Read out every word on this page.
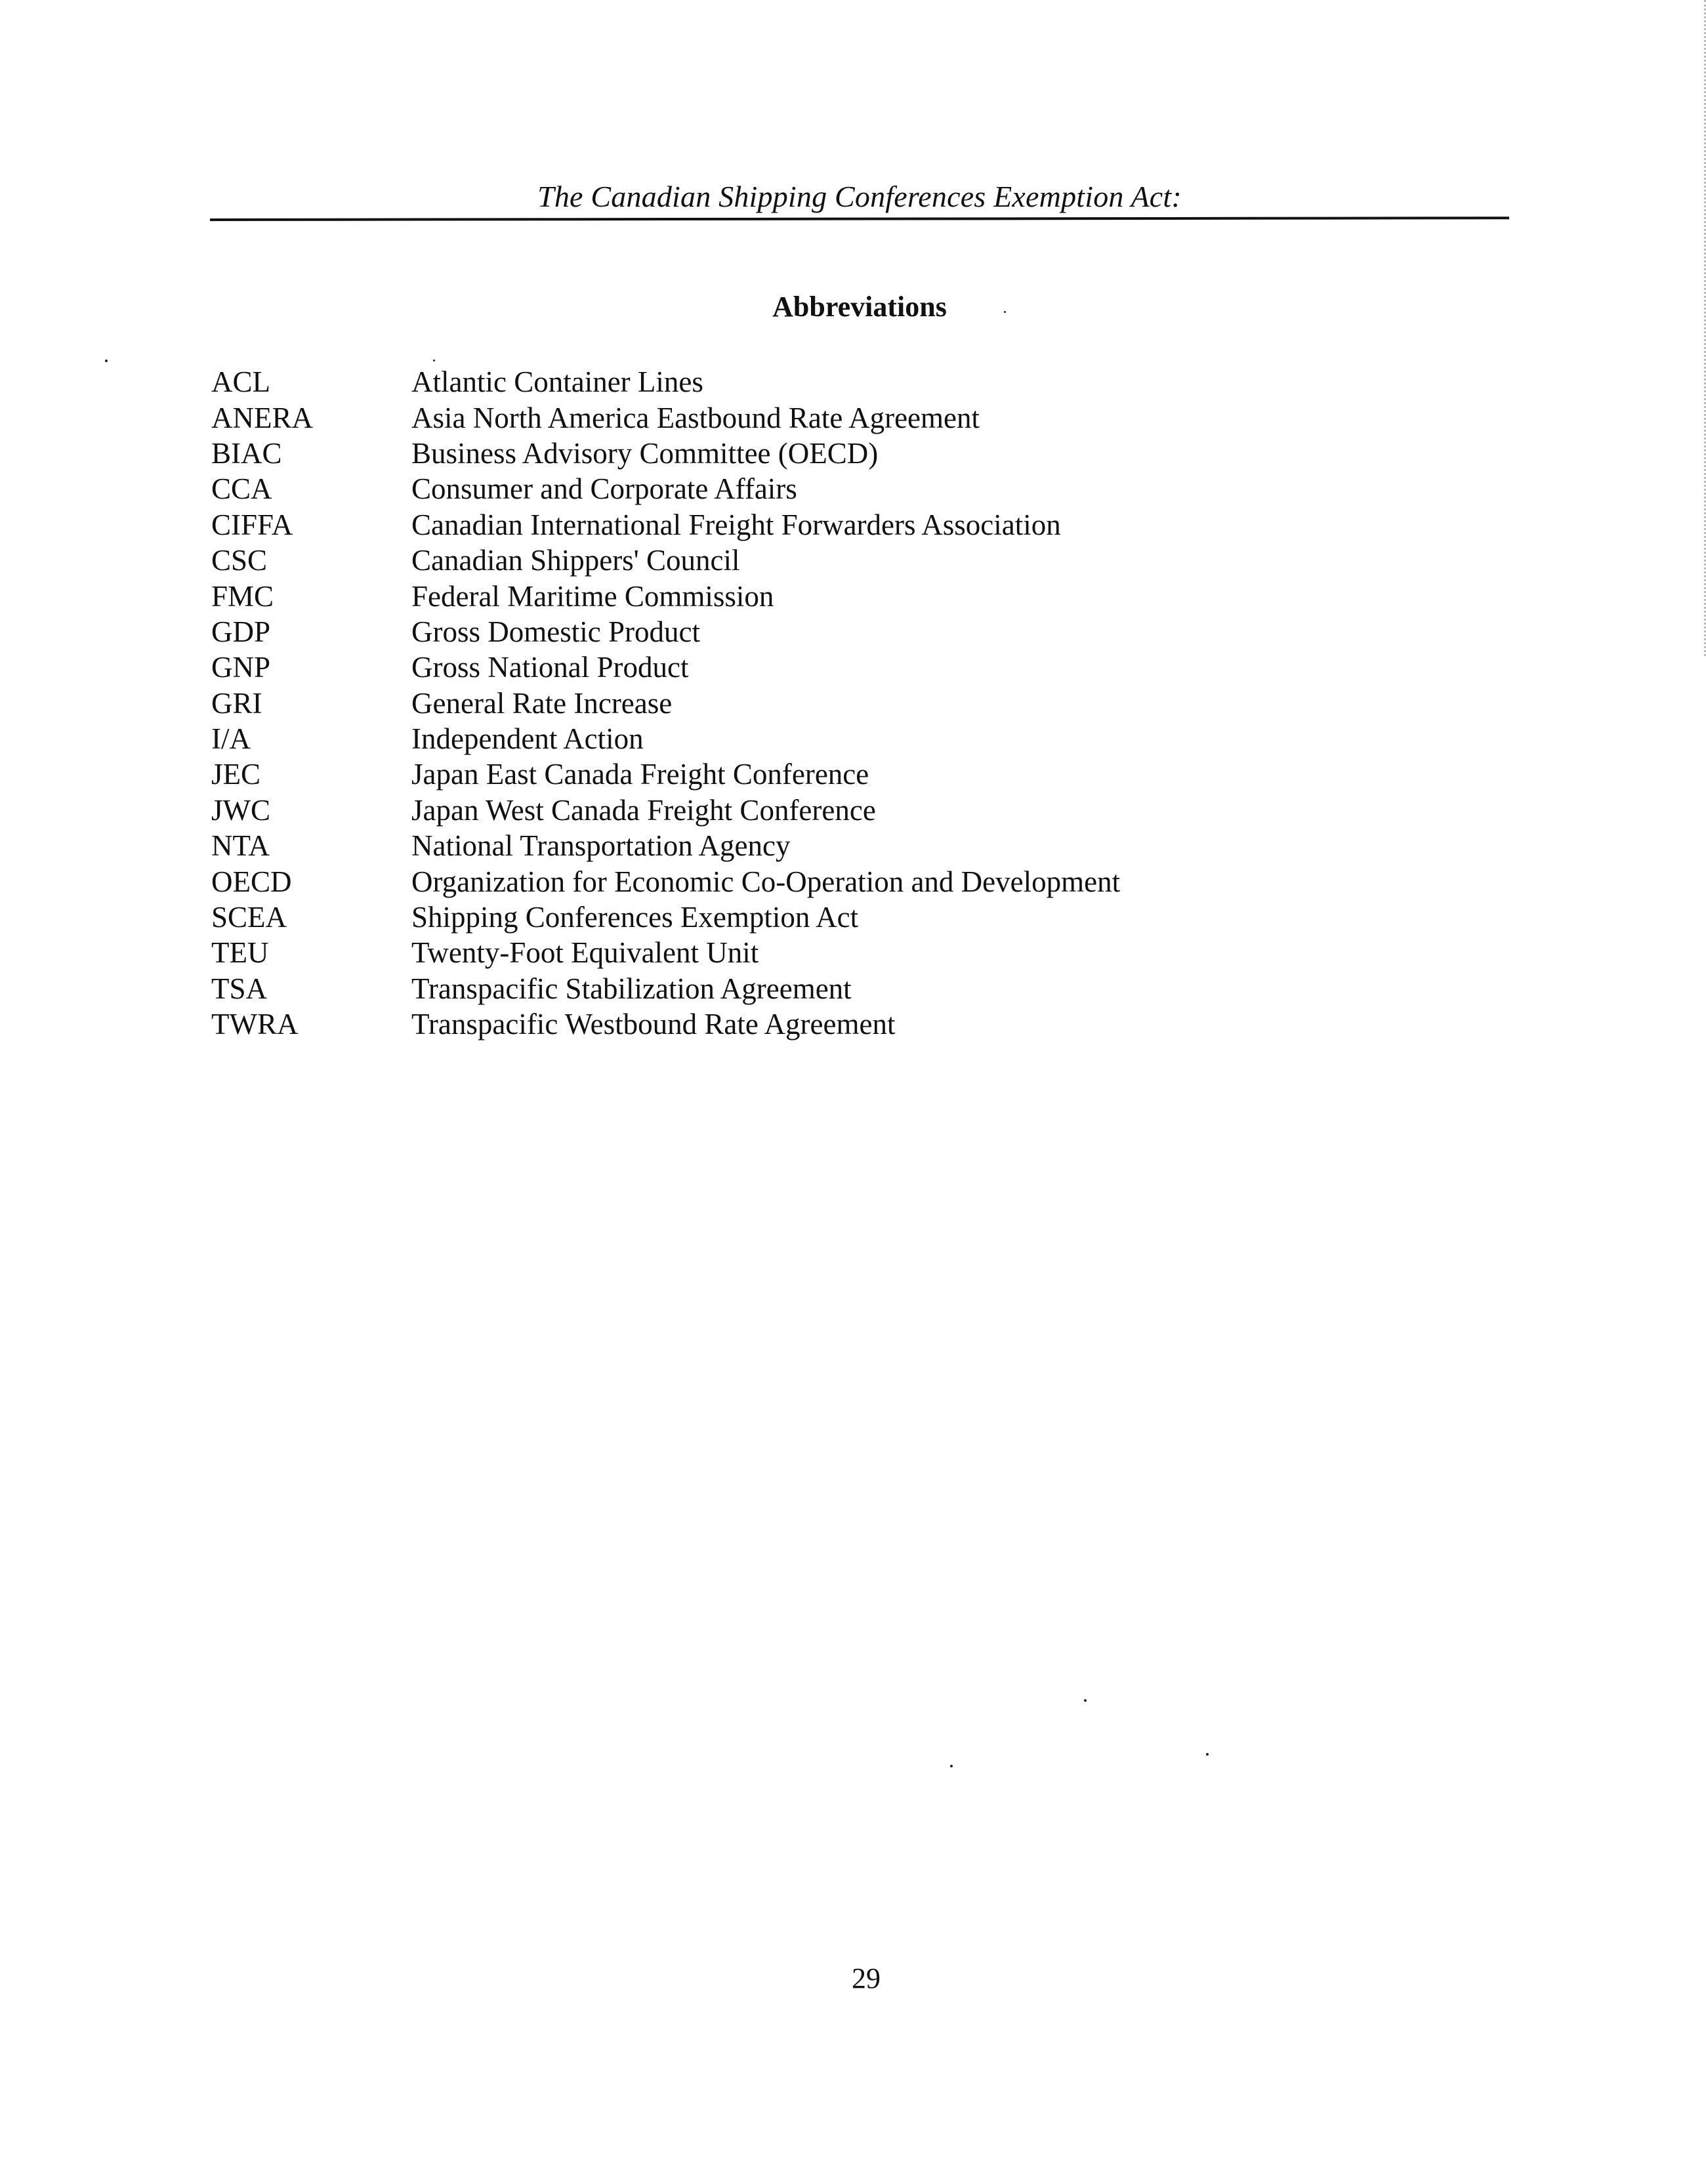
The Canadian Shipping Conferences Exemption Act:
Abbreviations
ACL	Atlantic Container Lines
ANERA	Asia North America Eastbound Rate Agreement
BIAC	Business Advisory Committee (OECD)
CCA	Consumer and Corporate Affairs
CIFFA	Canadian International Freight Forwarders Association
CSC	Canadian Shippers' Council
FMC	Federal Maritime Commission
GDP	Gross Domestic Product
GNP	Gross National Product
GRI	General Rate Increase
I/A	Independent Action
JEC	Japan East Canada Freight Conference
JWC	Japan West Canada Freight Conference
NTA	National Transportation Agency
OECD	Organization for Economic Co-Operation and Development
SCEA	Shipping Conferences Exemption Act
TEU	Twenty-Foot Equivalent Unit
TSA	Transpacific Stabilization Agreement
TWRA	Transpacific Westbound Rate Agreement
29
